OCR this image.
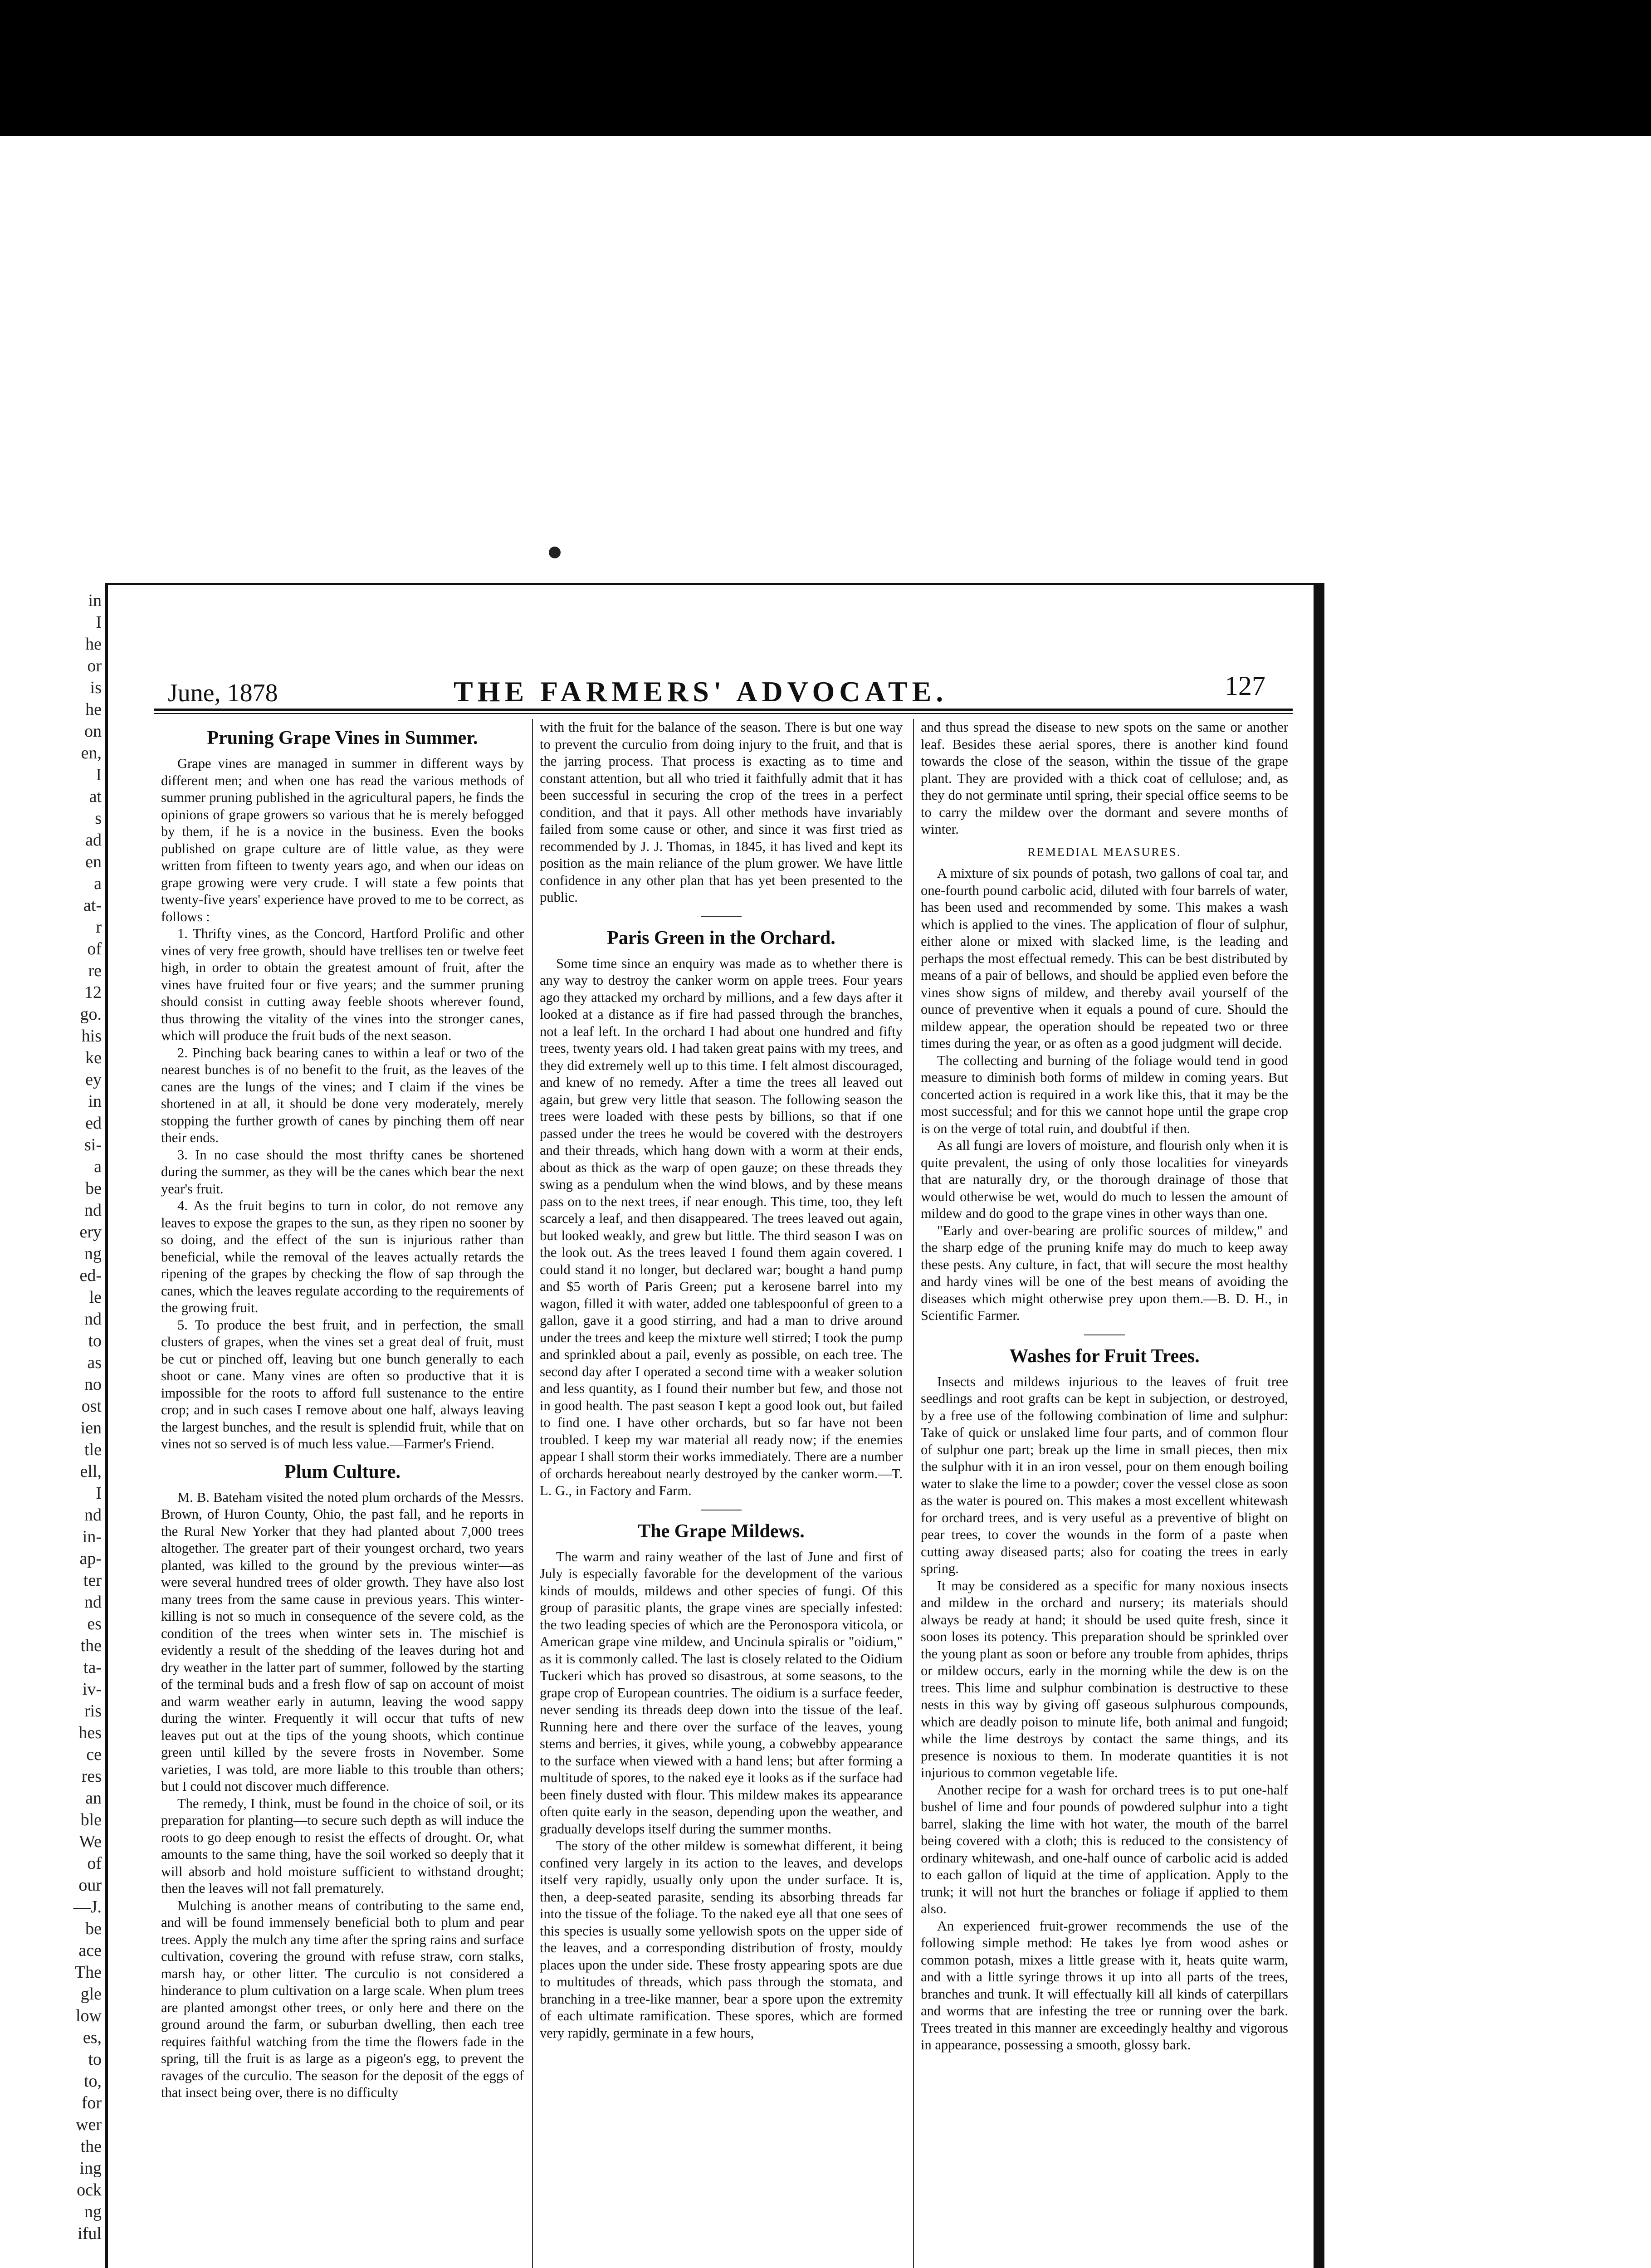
in
I
he
or
is
he
on
en,
I
at
s
ad
en
a
at-
r
of
re
12
go.
his
ke
ey
in
ed
si-
a
be
nd
ery
ng
ed-
le
nd
to
as
no
ost
ien
tle
ell,
I
nd
in-
ap-
ter
nd
es
the
ta-
iv-
ris
hes
ce
res
an
ble
We
of
our
—J.
be
ace
The
gle
low
es,
to
to,
for
wer
the
ing
ock
ng
iful
June, 1878	THE FARMERS' ADVOCATE.	127
Pruning Grape Vines in Summer.

Grape vines are managed in summer in different ways by different men; and when one has read the various methods of summer pruning published in the agricultural papers, he finds the opinions of grape growers so various that he is merely befogged by them, if he is a novice in the business. Even the books published on grape culture are of little value, as they were written from fifteen to twenty years ago, and when our ideas on grape growing were very crude. I will state a few points that twenty-five years' experience have proved to me to be correct, as follows :

1. Thrifty vines, as the Concord, Hartford Prolific and other vines of very free growth, should have trellises ten or twelve feet high, in order to obtain the greatest amount of fruit, after the vines have fruited four or five years; and the summer pruning should consist in cutting away feeble shoots wherever found, thus throwing the vitality of the vines into the stronger canes, which will produce the fruit buds of the next season.

2. Pinching back bearing canes to within a leaf or two of the nearest bunches is of no benefit to the fruit, as the leaves of the canes are the lungs of the vines; and I claim if the vines be shortened in at all, it should be done very moderately, merely stopping the further growth of canes by pinching them off near their ends.

3. In no case should the most thrifty canes be shortened during the summer, as they will be the canes which bear the next year's fruit.

4. As the fruit begins to turn in color, do not remove any leaves to expose the grapes to the sun, as they ripen no sooner by so doing, and the effect of the sun is injurious rather than beneficial, while the removal of the leaves actually retards the ripening of the grapes by checking the flow of sap through the canes, which the leaves regulate according to the requirements of the growing fruit.

5. To produce the best fruit, and in perfection, the small clusters of grapes, when the vines set a great deal of fruit, must be cut or pinched off, leaving but one bunch generally to each shoot or cane. Many vines are often so productive that it is impossible for the roots to afford full sustenance to the entire crop; and in such cases I remove about one half, always leaving the largest bunches, and the result is splendid fruit, while that on vines not so served is of much less value.—Farmer's Friend.

Plum Culture.

M. B. Bateham visited the noted plum orchards of the Messrs. Brown, of Huron County, Ohio, the past fall, and he reports in the Rural New Yorker that they had planted about 7,000 trees altogether. The greater part of their youngest orchard, two years planted, was killed to the ground by the previous winter—as were several hundred trees of older growth. They have also lost many trees from the same cause in previous years. This winter-killing is not so much in consequence of the severe cold, as the condition of the trees when winter sets in. The mischief is evidently a result of the shedding of the leaves during hot and dry weather in the latter part of summer, followed by the starting of the terminal buds and a fresh flow of sap on account of moist and warm weather early in autumn, leaving the wood sappy during the winter. Frequently it will occur that tufts of new leaves put out at the tips of the young shoots, which continue green until killed by the severe frosts in November. Some varieties, I was told, are more liable to this trouble than others; but I could not discover much difference.

The remedy, I think, must be found in the choice of soil, or its preparation for planting—to secure such depth as will induce the roots to go deep enough to resist the effects of drought. Or, what amounts to the same thing, have the soil worked so deeply that it will absorb and hold moisture sufficient to withstand drought; then the leaves will not fall prematurely.

Mulching is another means of contributing to the same end, and will be found immensely beneficial both to plum and pear trees. Apply the mulch any time after the spring rains and surface cultivation, covering the ground with refuse straw, corn stalks, marsh hay, or other litter. The curculio is not considered a hinderance to plum cultivation on a large scale. When plum trees are planted amongst other trees, or only here and there on the ground around the farm, or suburban dwelling, then each tree requires faithful watching from the time the flowers fade in the spring, till the fruit is as large as a pigeon's egg, to prevent the ravages of the curculio. The season for the deposit of the eggs of that insect being over, there is no difficulty

with the fruit for the balance of the season. There is but one way to prevent the curculio from doing injury to the fruit, and that is the jarring process. That process is exacting as to time and constant attention, but all who tried it faithfully admit that it has been successful in securing the crop of the trees in a perfect condition, and that it pays. All other methods have invariably failed from some cause or other, and since it was first tried as recommended by J. J. Thomas, in 1845, it has lived and kept its position as the main reliance of the plum grower. We have little confidence in any other plan that has yet been presented to the public.

Paris Green in the Orchard.

Some time since an enquiry was made as to whether there is any way to destroy the canker worm on apple trees. Four years ago they attacked my orchard by millions, and a few days after it looked at a distance as if fire had passed through the branches, not a leaf left. In the orchard I had about one hundred and fifty trees, twenty years old. I had taken great pains with my trees, and they did extremely well up to this time. I felt almost discouraged, and knew of no remedy. After a time the trees all leaved out again, but grew very little that season. The following season the trees were loaded with these pests by billions, so that if one passed under the trees he would be covered with the destroyers and their threads, which hang down with a worm at their ends, about as thick as the warp of open gauze; on these threads they swing as a pendulum when the wind blows, and by these means pass on to the next trees, if near enough. This time, too, they left scarcely a leaf, and then disappeared. The trees leaved out again, but looked weakly, and grew but little. The third season I was on the look out. As the trees leaved I found them again covered. I could stand it no longer, but declared war; bought a hand pump and $5 worth of Paris Green; put a kerosene barrel into my wagon, filled it with water, added one tablespoonful of green to a gallon, gave it a good stirring, and had a man to drive around under the trees and keep the mixture well stirred; I took the pump and sprinkled about a pail, evenly as possible, on each tree. The second day after I operated a second time with a weaker solution and less quantity, as I found their number but few, and those not in good health. The past season I kept a good look out, but failed to find one. I have other orchards, but so far have not been troubled. I keep my war material all ready now; if the enemies appear I shall storm their works immediately. There are a number of orchards hereabout nearly destroyed by the canker worm.—T. L. G., in Factory and Farm.

The Grape Mildews.

The warm and rainy weather of the last of June and first of July is especially favorable for the development of the various kinds of moulds, mildews and other species of fungi. Of this group of parasitic plants, the grape vines are specially infested: the two leading species of which are the Peronospora viticola, or American grape vine mildew, and Uncinula spiralis or "oidium," as it is commonly called. The last is closely related to the Oidium Tuckeri which has proved so disastrous, at some seasons, to the grape crop of European countries. The oidium is a surface feeder, never sending its threads deep down into the tissue of the leaf. Running here and there over the surface of the leaves, young stems and berries, it gives, while young, a cobwebby appearance to the surface when viewed with a hand lens; but after forming a multitude of spores, to the naked eye it looks as if the surface had been finely dusted with flour. This mildew makes its appearance often quite early in the season, depending upon the weather, and gradually develops itself during the summer months.

The story of the other mildew is somewhat different, it being confined very largely in its action to the leaves, and develops itself very rapidly, usually only upon the under surface. It is, then, a deep-seated parasite, sending its absorbing threads far into the tissue of the foliage. To the naked eye all that one sees of this species is usually some yellowish spots on the upper side of the leaves, and a corresponding distribution of frosty, mouldy places upon the under side. These frosty appearing spots are due to multitudes of threads, which pass through the stomata, and branching in a tree-like manner, bear a spore upon the extremity of each ultimate ramification. These spores, which are formed very rapidly, germinate in a few hours,

and thus spread the disease to new spots on the same or another leaf. Besides these aerial spores, there is another kind found towards the close of the season, within the tissue of the grape plant. They are provided with a thick coat of cellulose; and, as they do not germinate until spring, their special office seems to be to carry the mildew over the dormant and severe months of winter.

REMEDIAL MEASURES.

A mixture of six pounds of potash, two gallons of coal tar, and one-fourth pound carbolic acid, diluted with four barrels of water, has been used and recommended by some. This makes a wash which is applied to the vines. The application of flour of sulphur, either alone or mixed with slacked lime, is the leading and perhaps the most effectual remedy. This can be best distributed by means of a pair of bellows, and should be applied even before the vines show signs of mildew, and thereby avail yourself of the ounce of preventive when it equals a pound of cure. Should the mildew appear, the operation should be repeated two or three times during the year, or as often as a good judgment will decide.

The collecting and burning of the foliage would tend in good measure to diminish both forms of mildew in coming years. But concerted action is required in a work like this, that it may be the most successful; and for this we cannot hope until the grape crop is on the verge of total ruin, and doubtful if then.

As all fungi are lovers of moisture, and flourish only when it is quite prevalent, the using of only those localities for vineyards that are naturally dry, or the thorough drainage of those that would otherwise be wet, would do much to lessen the amount of mildew and do good to the grape vines in other ways than one.

"Early and over-bearing are prolific sources of mildew," and the sharp edge of the pruning knife may do much to keep away these pests. Any culture, in fact, that will secure the most healthy and hardy vines will be one of the best means of avoiding the diseases which might otherwise prey upon them.—B. D. H., in Scientific Farmer.

Washes for Fruit Trees.

Insects and mildews injurious to the leaves of fruit tree seedlings and root grafts can be kept in subjection, or destroyed, by a free use of the following combination of lime and sulphur: Take of quick or unslaked lime four parts, and of common flour of sulphur one part; break up the lime in small pieces, then mix the sulphur with it in an iron vessel, pour on them enough boiling water to slake the lime to a powder; cover the vessel close as soon as the water is poured on. This makes a most excellent whitewash for orchard trees, and is very useful as a preventive of blight on pear trees, to cover the wounds in the form of a paste when cutting away diseased parts; also for coating the trees in early spring.

It may be considered as a specific for many noxious insects and mildew in the orchard and nursery; its materials should always be ready at hand; it should be used quite fresh, since it soon loses its potency. This preparation should be sprinkled over the young plant as soon or before any trouble from aphides, thrips or mildew occurs, early in the morning while the dew is on the trees. This lime and sulphur combination is destructive to these nests in this way by giving off gaseous sulphurous compounds, which are deadly poison to minute life, both animal and fungoid; while the lime destroys by contact the same things, and its presence is noxious to them. In moderate quantities it is not injurious to common vegetable life.

Another recipe for a wash for orchard trees is to put one-half bushel of lime and four pounds of powdered sulphur into a tight barrel, slaking the lime with hot water, the mouth of the barrel being covered with a cloth; this is reduced to the consistency of ordinary whitewash, and one-half ounce of carbolic acid is added to each gallon of liquid at the time of application. Apply to the trunk; it will not hurt the branches or foliage if applied to them also.

An experienced fruit-grower recommends the use of the following simple method: He takes lye from wood ashes or common potash, mixes a little grease with it, heats quite warm, and with a little syringe throws it up into all parts of the trees, branches and trunk. It will effectually kill all kinds of caterpillars and worms that are infesting the tree or running over the bark. Trees treated in this manner are exceedingly healthy and vigorous in appearance, possessing a smooth, glossy bark.
